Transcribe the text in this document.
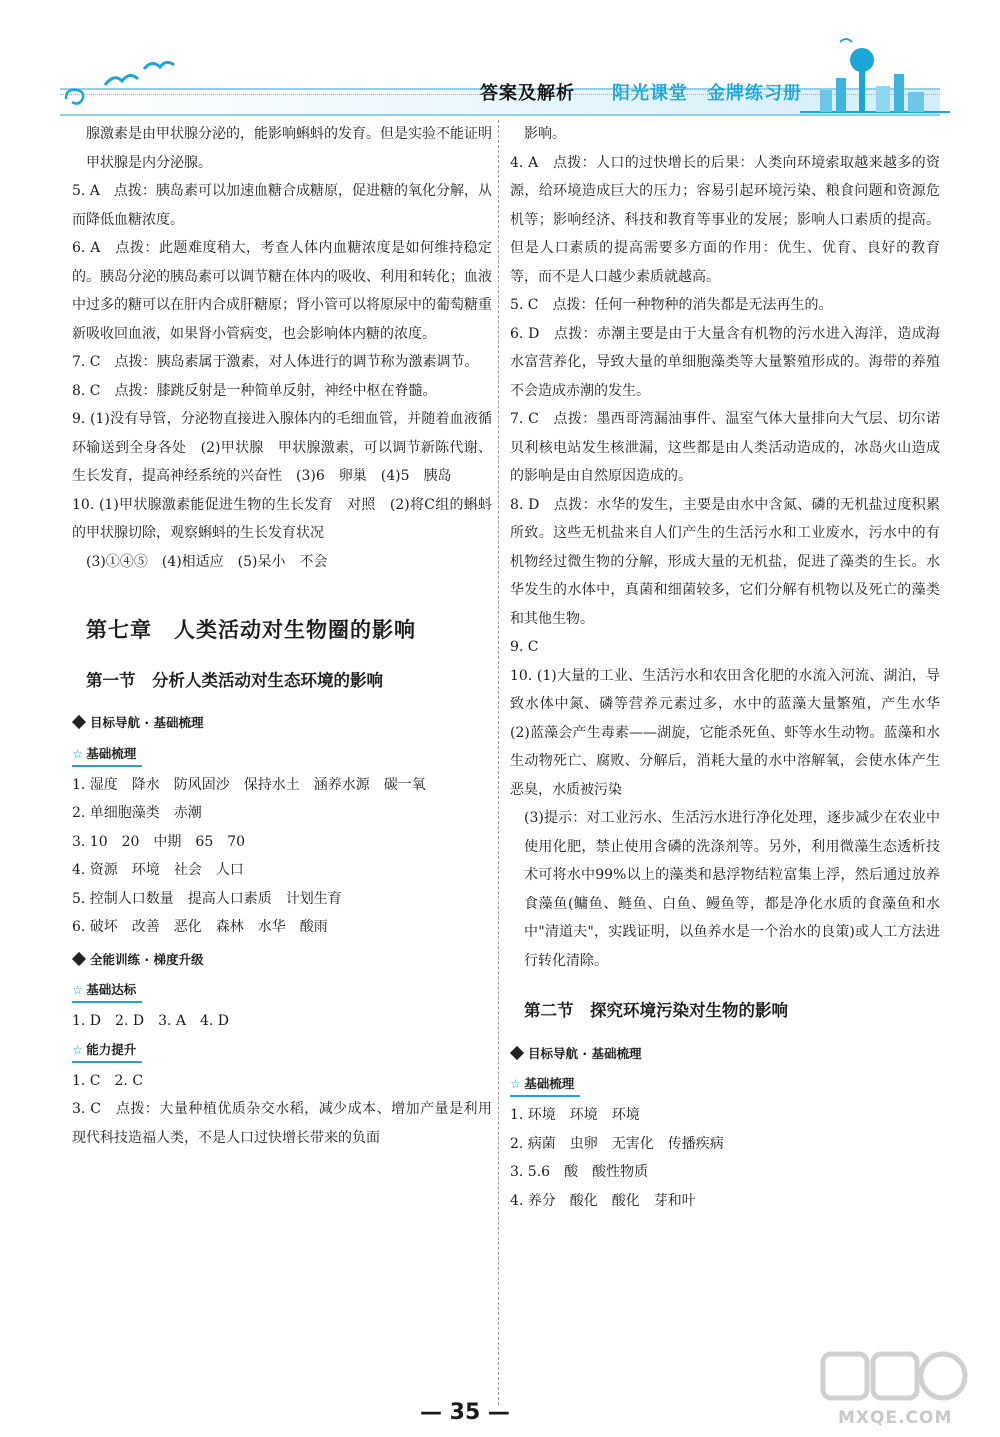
答案及解析 阳光课堂　金牌练习册

腺激素是由甲状腺分泌的，能影响蝌蚪的发育。但是实验不能证明甲状腺是内分泌腺。

5. A　点拨：胰岛素可以加速血糖合成糖原，促进糖的氧化分解，从而降低血糖浓度。

6. A　点拨：此题难度稍大，考查人体内血糖浓度是如何维持稳定的。胰岛分泌的胰岛素可以调节糖在体内的吸收、利用和转化；血液中过多的糖可以在肝内合成肝糖原；肾小管可以将原尿中的葡萄糖重新吸收回血液，如果肾小管病变，也会影响体内糖的浓度。

7. C　点拨：胰岛素属于激素，对人体进行的调节称为激素调节。

8. C　点拨：膝跳反射是一种简单反射，神经中枢在脊髓。

9. (1)没有导管，分泌物直接进入腺体内的毛细血管，并随着血液循环输送到全身各处　(2)甲状腺　甲状腺激素，可以调节新陈代谢、生长发育，提高神经系统的兴奋性　(3)6　卵巢　(4)5　胰岛

10. (1)甲状腺激素能促进生物的生长发育　对照　(2)将C组的蝌蚪的甲状腺切除，观察蝌蚪的生长发育状况

(3)①④⑤　(4)相适应　(5)呆小　不会

第七章　人类活动对生物圈的影响
第一节　分析人类活动对生态环境的影响
目标导航 · 基础梳理
☆ 基础梳理

1. 湿度　降水　防风固沙　保持水土　涵养水源　碳一氧

2. 单细胞藻类　赤潮

3. 10　20　中期　65　70

4. 资源　环境　社会　人口

5. 控制人口数量　提高人口素质　计划生育

6. 破坏　改善　恶化　森林　水华　酸雨

全能训练 · 梯度升级
☆ 基础达标

1. D　2. D　3. A　4. D

☆ 能力提升

1. C　2. C

3. C　点拨：大量种植优质杂交水稻，减少成本、增加产量是利用现代科技造福人类，不是人口过快增长带来的负面

影响。

4. A　点拨：人口的过快增长的后果：人类向环境索取越来越多的资源，给环境造成巨大的压力；容易引起环境污染、粮食问题和资源危机等；影响经济、科技和教育等事业的发展；影响人口素质的提高。但是人口素质的提高需要多方面的作用：优生、优育、良好的教育等，而不是人口越少素质就越高。

5. C　点拨：任何一种物种的消失都是无法再生的。

6. D　点拨：赤潮主要是由于大量含有机物的污水进入海洋，造成海水富营养化，导致大量的单细胞藻类等大量繁殖形成的。海带的养殖不会造成赤潮的发生。

7. C　点拨：墨西哥湾漏油事件、温室气体大量排向大气层、切尔诺贝利核电站发生核泄漏，这些都是由人类活动造成的，冰岛火山造成的影响是由自然原因造成的。

8. D　点拨：水华的发生，主要是由水中含氮、磷的无机盐过度积累所致。这些无机盐来自人们产生的生活污水和工业废水，污水中的有机物经过微生物的分解，形成大量的无机盐，促进了藻类的生长。水华发生的水体中，真菌和细菌较多，它们分解有机物以及死亡的藻类和其他生物。

9. C

10. (1)大量的工业、生活污水和农田含化肥的水流入河流、湖泊，导致水体中氮、磷等营养元素过多，水中的蓝藻大量繁殖，产生水华　(2)蓝藻会产生毒素——湖旋，它能杀死鱼、虾等水生动物。蓝藻和水生动物死亡、腐败、分解后，消耗大量的水中溶解氧，会使水体产生恶臭，水质被污染

(3)提示：对工业污水、生活污水进行净化处理，逐步减少在农业中使用化肥，禁止使用含磷的洗涤剂等。另外，利用微藻生态透析技术可将水中99%以上的藻类和悬浮物结粒富集上浮，然后通过放养食藻鱼(鳙鱼、鲢鱼、白鱼、鳗鱼等，都是净化水质的食藻鱼和水中"清道夫"，实践证明，以鱼养水是一个治水的良策)或人工方法进行转化清除。

第二节　探究环境污染对生物的影响
目标导航 · 基础梳理
☆ 基础梳理

1. 环境　环境　环境

2. 病菌　虫卵　无害化　传播疾病

3. 5.6　酸　酸性物质

4. 养分　酸化　酸化　芽和叶

— 35 —	MXQE.COM
